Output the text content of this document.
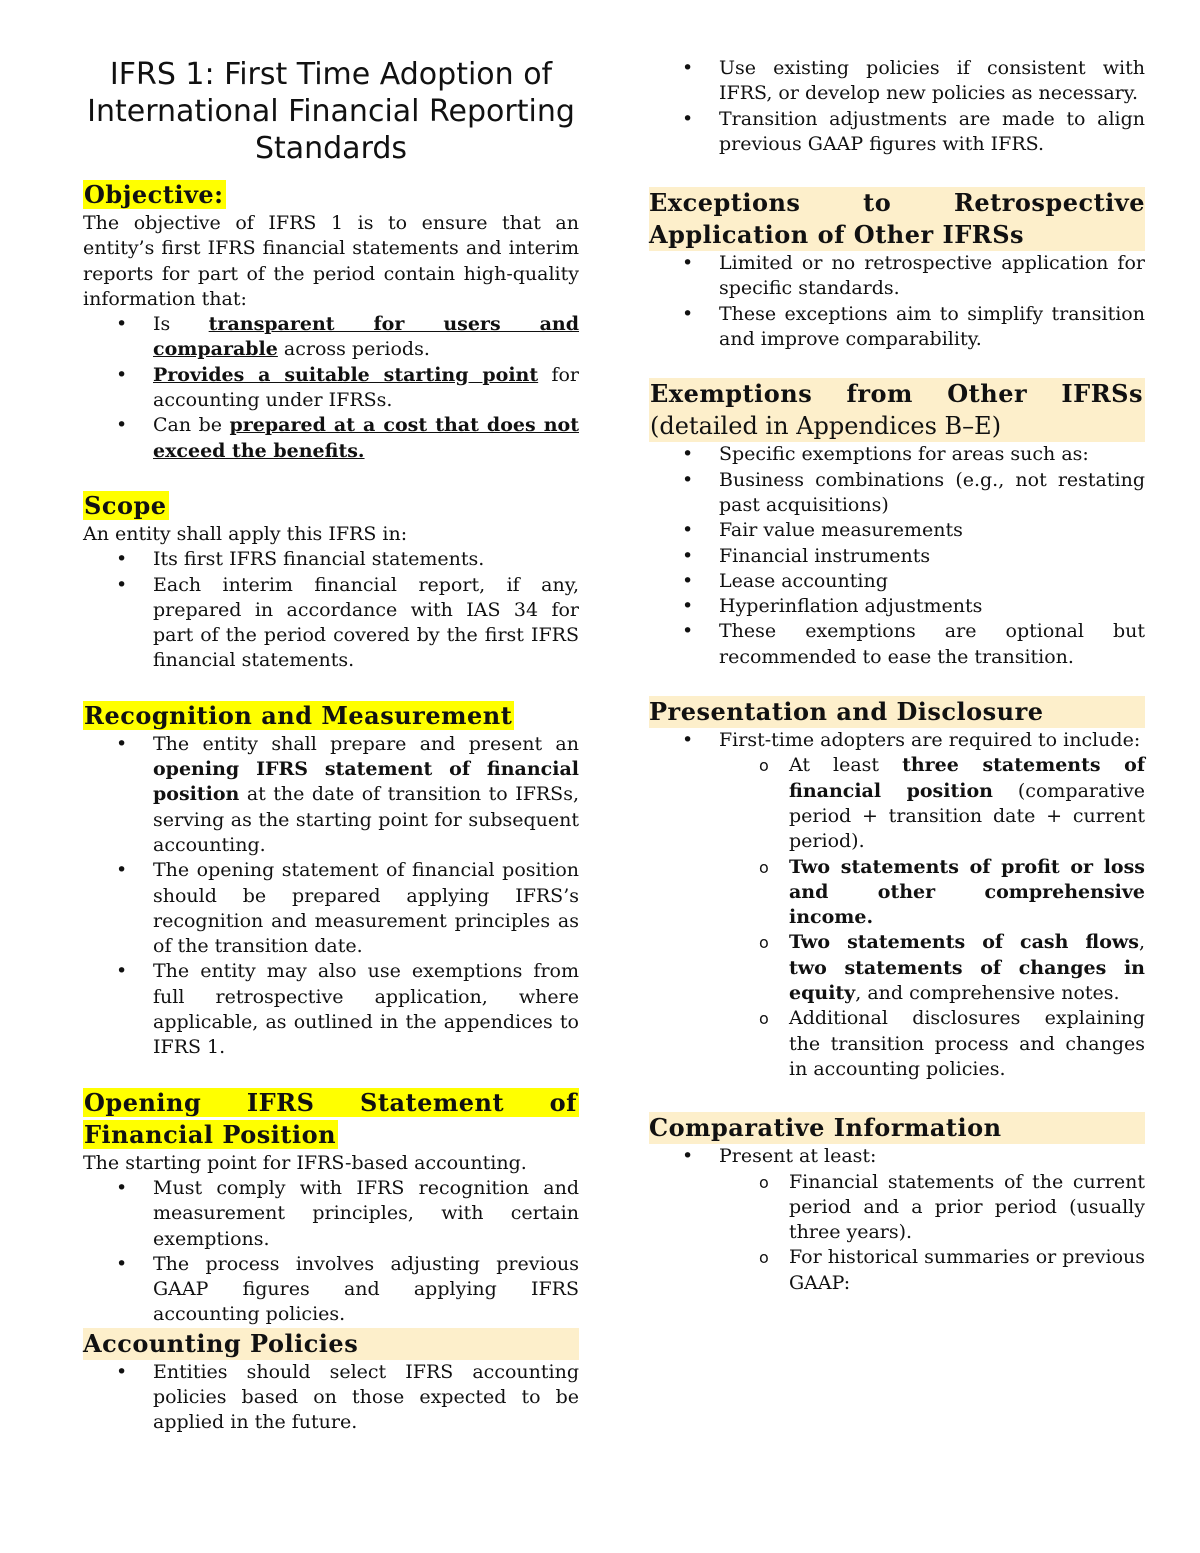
IFRS 1: First Time Adoption of International Financial Reporting Standards
Objective:

The objective of IFRS 1 is to ensure that an entity’s first IFRS financial statements and interim reports for part of the period contain high-quality information that:

• Is transparent for users and comparable across periods.
• Provides a suitable starting point for accounting under IFRSs.
• Can be prepared at a cost that does not exceed the benefits.
Scope

An entity shall apply this IFRS in:

• Its first IFRS financial statements.
• Each interim financial report, if any, prepared in accordance with IAS 34 for part of the period covered by the first IFRS financial statements.
Recognition and Measurement
• The entity shall prepare and present an opening IFRS statement of financial position at the date of transition to IFRSs, serving as the starting point for subsequent accounting.
• The opening statement of financial position should be prepared applying IFRS’s recognition and measurement principles as of the transition date.
• The entity may also use exemptions from full retrospective application, where applicable, as outlined in the appendices to IFRS 1.
Opening IFRS Statement of
Financial Position

The starting point for IFRS-based accounting.

• Must comply with IFRS recognition and measurement principles, with certain exemptions.
• The process involves adjusting previous GAAP figures and applying IFRS accounting policies.
Accounting Policies
• Entities should select IFRS accounting policies based on those expected to be applied in the future.
• Use existing policies if consistent with IFRS, or develop new policies as necessary.
• Transition adjustments are made to align previous GAAP figures with IFRS.
Exceptions to Retrospective Application of Other IFRSs
• Limited or no retrospective application for specific standards.
• These exceptions aim to simplify transition and improve comparability.
Exemptions from Other IFRSs
(detailed in Appendices B–E)
• Specific exemptions for areas such as:
• Business combinations (e.g., not restating past acquisitions)
• Fair value measurements
• Financial instruments
• Lease accounting
• Hyperinflation adjustments
• These exemptions are optional but recommended to ease the transition.
Presentation and Disclosure
• First-time adopters are required to include:
o At least three statements of financial position (comparative period + transition date + current period).
o Two statements of profit or loss and other comprehensive income.
o Two statements of cash flows, two statements of changes in equity, and comprehensive notes.
o Additional disclosures explaining the transition process and changes in accounting policies.
Comparative Information
• Present at least:
o Financial statements of the current period and a prior period (usually three years).
o For historical summaries or previous GAAP:
